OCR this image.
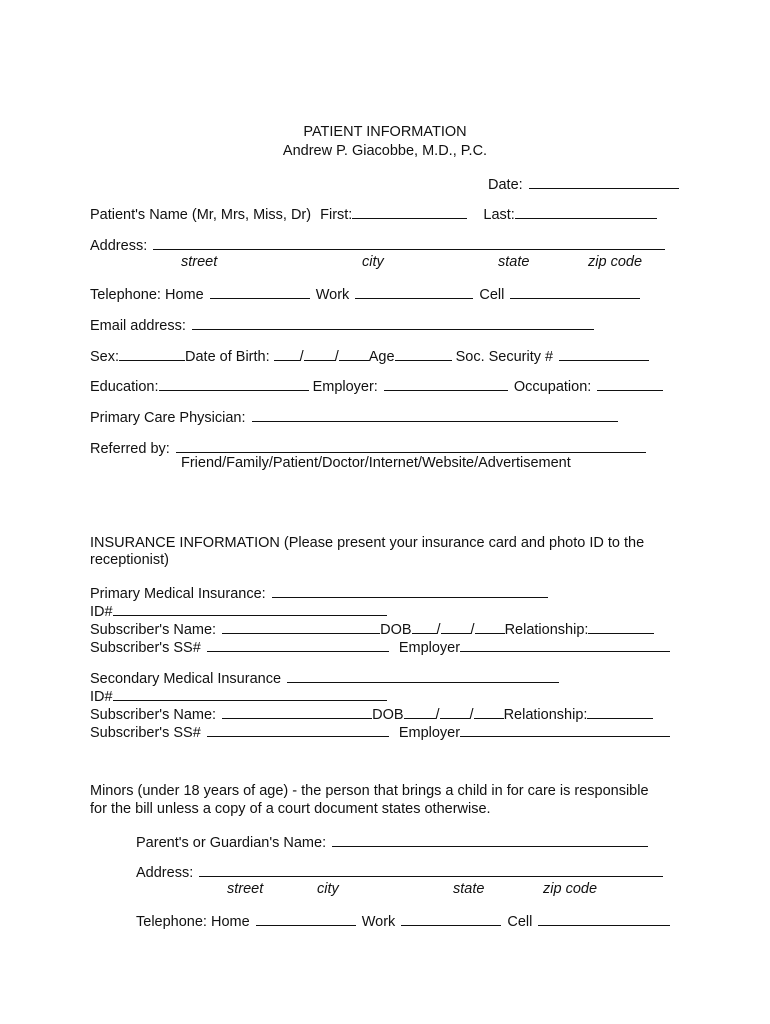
PATIENT INFORMATION
Andrew P. Giacobbe, M.D., P.C.
Date:
Patient's Name (Mr, Mrs, Miss, Dr) First:	Last:
Address:
street	city	state	zip code
Telephone: Home	Work	Cell
Email address:
Sex:	Date of Birth: / / Age	Soc. Security #
Education:	Employer:	Occupation:
Primary Care Physician:
Referred by:
Friend/Family/Patient/Doctor/Internet/Website/Advertisement
INSURANCE INFORMATION (Please present your insurance card and photo ID to the
receptionist)
Primary Medical Insurance:
ID#
Subscriber's Name:	DOB / / Relationship:
Subscriber's SS#	Employer
Secondary Medical Insurance
ID#
Subscriber's Name:	DOB / / Relationship:
Subscriber's SS#	Employer
Minors (under 18 years of age) - the person that brings a child in for care is responsible
for the bill unless a copy of a court document states otherwise.
Parent's or Guardian's Name:
Address:
street	city	state	zip code
Telephone: Home	Work	Cell
